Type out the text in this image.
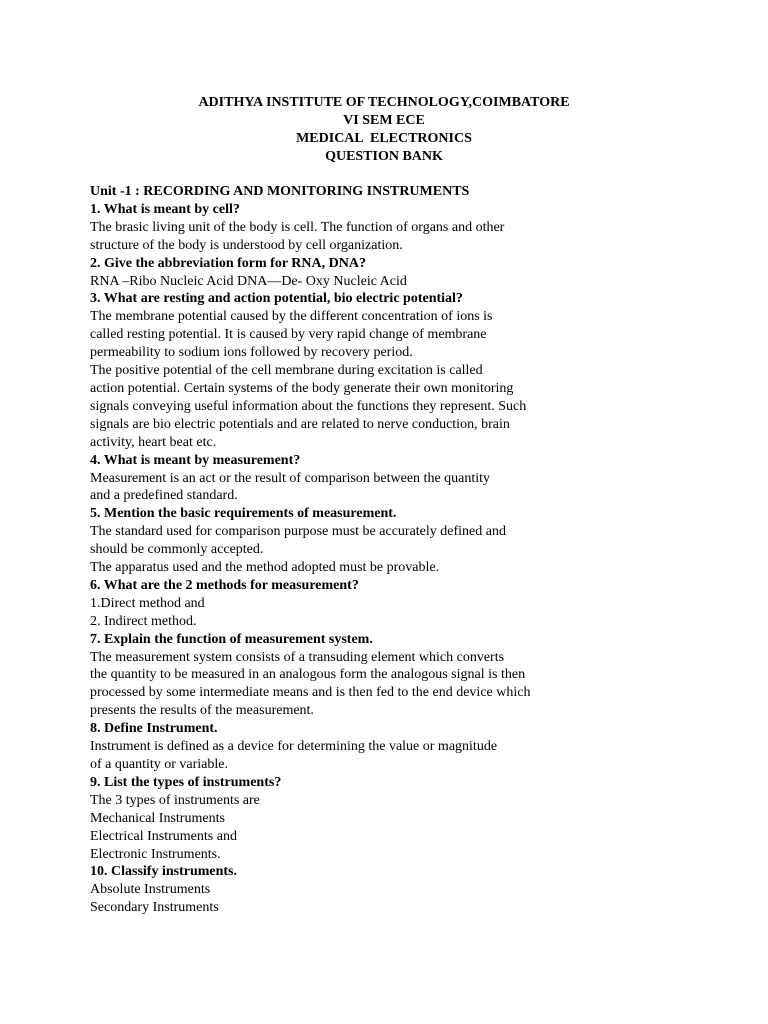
ADITHYA INSTITUTE OF TECHNOLOGY,COIMBATORE
VI SEM ECE
MEDICAL  ELECTRONICS
QUESTION BANK
Unit -1 : RECORDING AND MONITORING INSTRUMENTS
1. What is meant by cell?
The brasic living unit of the body is cell. The function of organs and other
structure of the body is understood by cell organization.
2. Give the abbreviation form for RNA, DNA?
RNA –Ribo Nucleic Acid DNA—De- Oxy Nucleic Acid
3. What are resting and action potential, bio electric potential?
The membrane potential caused by the different concentration of ions is
called resting potential. It is caused by very rapid change of membrane
permeability to sodium ions followed by recovery period.
The positive potential of the cell membrane during excitation is called
action potential. Certain systems of the body generate their own monitoring
signals conveying useful information about the functions they represent. Such
signals are bio electric potentials and are related to nerve conduction, brain
activity, heart beat etc.
4. What is meant by measurement?
Measurement is an act or the result of comparison between the quantity
and a predefined standard.
5. Mention the basic requirements of measurement.
The standard used for comparison purpose must be accurately defined and
should be commonly accepted.
The apparatus used and the method adopted must be provable.
6. What are the 2 methods for measurement?
1.Direct method and
2. Indirect method.
7. Explain the function of measurement system.
The measurement system consists of a transuding element which converts
the quantity to be measured in an analogous form the analogous signal is then
processed by some intermediate means and is then fed to the end device which
presents the results of the measurement.
8. Define Instrument.
Instrument is defined as a device for determining the value or magnitude
of a quantity or variable.
9. List the types of instruments?
The 3 types of instruments are
Mechanical Instruments
Electrical Instruments and
Electronic Instruments.
10. Classify instruments.
Absolute Instruments
Secondary Instruments
